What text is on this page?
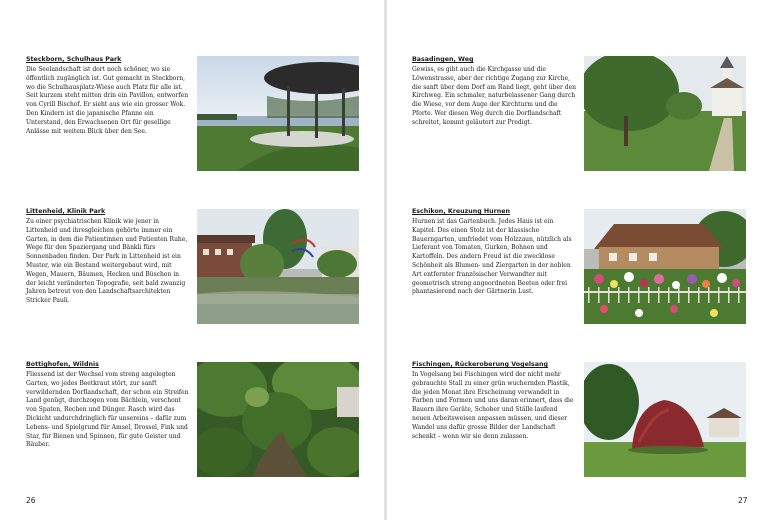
Steckborn, Schulhaus Park

Die Seelandschaft ist dort noch schöner, wo sie öffentlich zugänglich ist. Gut gemacht in Steckborn, wo die Schulhausplatz-Wiese auch Platz für alle ist. Seit kurzem steht mitten drin ein Pavillon, entworfen von Cyrill Bischof. Er sieht aus wie ein grosser Wok. Den Kindern ist die japanische Pfanne ein Unterstand, den Erwachsenen Ort für gesellige Anlässe mit weitem Blick über den See.

Littenheid, Klinik Park

Zu einer psychiatrischen Klinik wie jener in Littenheid und ihresgleichen gehörte immer ein Garten, in dem die Patientinnen und Patienten Ruhe, Wege für den Spaziergang und Bänkli fürs Sonnenbaden finden. Der Park in Littenheid ist ein Muster, wie ein Bestand weitergebaut wird, mit Wegen, Mauern, Bäumen, Hecken und Büschen in der leicht veränderten Topografie, seit bald zwanzig Jahren betreut von den Landschaftsarchitekten Stricker Pauli.

Bottighofen, Wildnis

Fliessend ist der Wechsel vom streng angelegten Garten, wo jedes Beetkraut stört, zur sanft verwildernden Dorflandschaft, der schon ein Streifen Land genügt, durchzogen vom Bächlein, verschont von Spaten, Rechen und Dünger. Rasch wird das Dickicht undurchdringlich für unsereins – dafür zum Lebens- und Spielgrund für Amsel, Drossel, Fink und Star, für Bienen und Spinnen, für gute Geister und Räuber.

26

Basadingen, Weg

Gewiss, es gibt auch die Kirchgasse und die Löwenstrasse, aber der richtige Zugang zur Kirche, die sanft über dem Dorf am Rand liegt, geht über den Kirchweg. Ein schmaler, naturbelassener Gang durch die Wiese, vor dem Auge der Kirchturm und die Pforte. Wer diesen Weg durch die Dorflandschaft schreitet, kommt geläutert zur Predigt.

Eschikon, Kreuzung Hurnen

Hurnen ist das Gartenbuch. Jedes Haus ist ein Kapitel. Des einen Stolz ist der klassische Bauerngarten, umfriedet vom Holzzaun, nützlich als Lieferant von Tomaten, Gurken, Bohnen und Kartoffeln. Des andern Freud ist die zwecklose Schönheit als Blumen- und Ziergarten in der noblen Art entfernter französischer Verwandter mit geometrisch streng angeordneten Beeten oder frei phantasierend nach der Gärtnerin Lust.

Fischingen, Rückeroberung Vogelsang

In Vogelsang bei Fischingen wird der nicht mehr gebrauchte Stall zu einer grün wuchernden Plastik, die jeden Monat ihre Erscheinung verwandelt in Farben und Formen und uns daran erinnert, dass die Bauern ihre Geräte, Schober und Ställe laufend neuen Arbeitsweisen anpassen müssen, und dieser Wandel uns dafür grosse Bilder der Landschaft schenkt – wenn wir sie denn zulassen.

27
